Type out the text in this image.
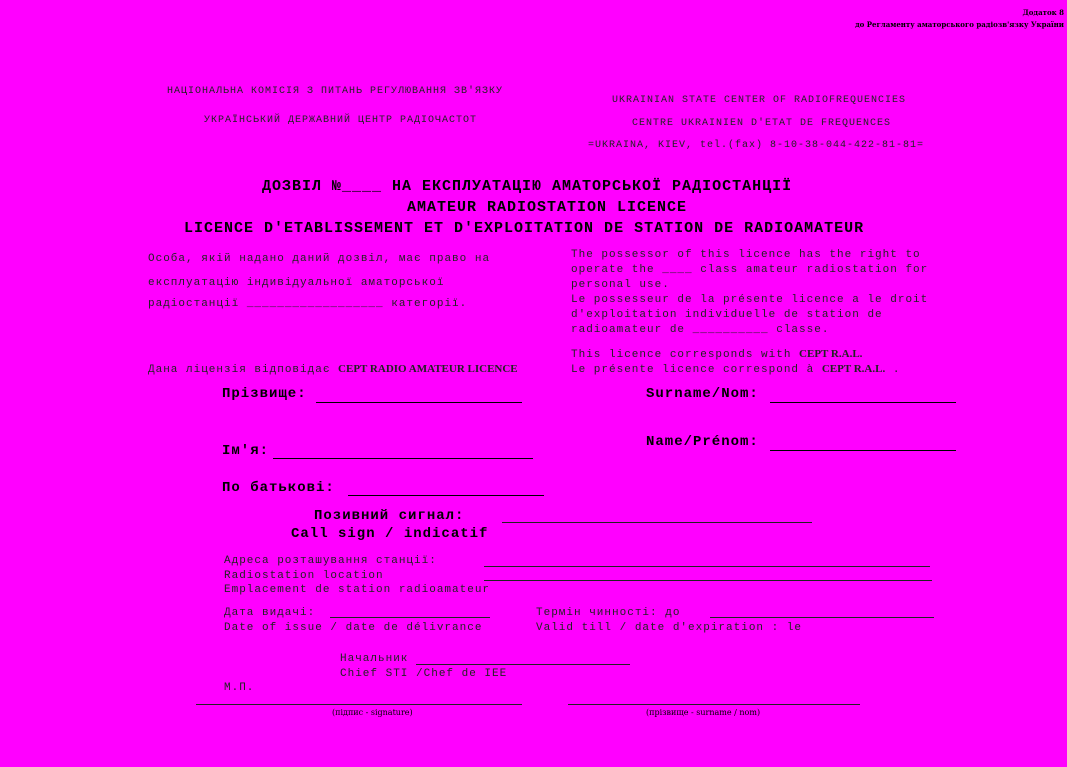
Додаток 8
до Регламенту аматорського радіозв'язку України
НАЦІОНАЛЬНА КОМІСІЯ З ПИТАНЬ РЕГУЛЮВАННЯ ЗВ'ЯЗКУ
УКРАЇНСЬКИЙ ДЕРЖАВНИЙ ЦЕНТР РАДІОЧАСТОТ
UKRAINIAN STATE CENTER OF RADIOFREQUENCIES
CENTRE UKRAINIEN D'ETAT DE FREQUENCES
=UKRAINA, KIEV, tel.(fax) 8-10-38-044-422-81-81=
ДОЗВІЛ №____ НА ЕКСПЛУАТАЦІЮ АМАТОРСЬКОЇ РАДІОСТАНЦІЇ
AMATEUR RADIOSTATION LICENCE
LICENCE D'ETABLISSEMENT ET D'EXPLOITATION DE STATION DE RADIOAMATEUR
Особа, якій надано даний дозвіл, має право на
експлуатацію індивідуальної аматорської
радіостанції __________________ категорії.
The possessor of this licence has the right to
operate the ____ class amateur radiostation for
personal use.
Le possesseur de la présente licence a le droit
d'exploitation individuelle de station de
radioamateur de __________ classe.
Дана ліцензія відповідає CEPT RADIO AMATEUR LICENCE
This licence corresponds with CEPT R.A.L.
Le présente licence correspond à CEPT R.A.L. .
Прізвище:	Surname/Nom:
Name/Prénom:
Ім'я:
По батькові:
Позивний сигнал:
Call sign / indicatif
Адреса розташування станції:
Radiostation location
Emplacement de station radioamateur
Дата видачі:
Date of issue / date de délivrance
Термін чинності: до
Valid till / date d'expiration : le
Начальник
Chief STI /Chef de IEE
М.П.
(підпис - signature)	(прізвище - surname / nom)
